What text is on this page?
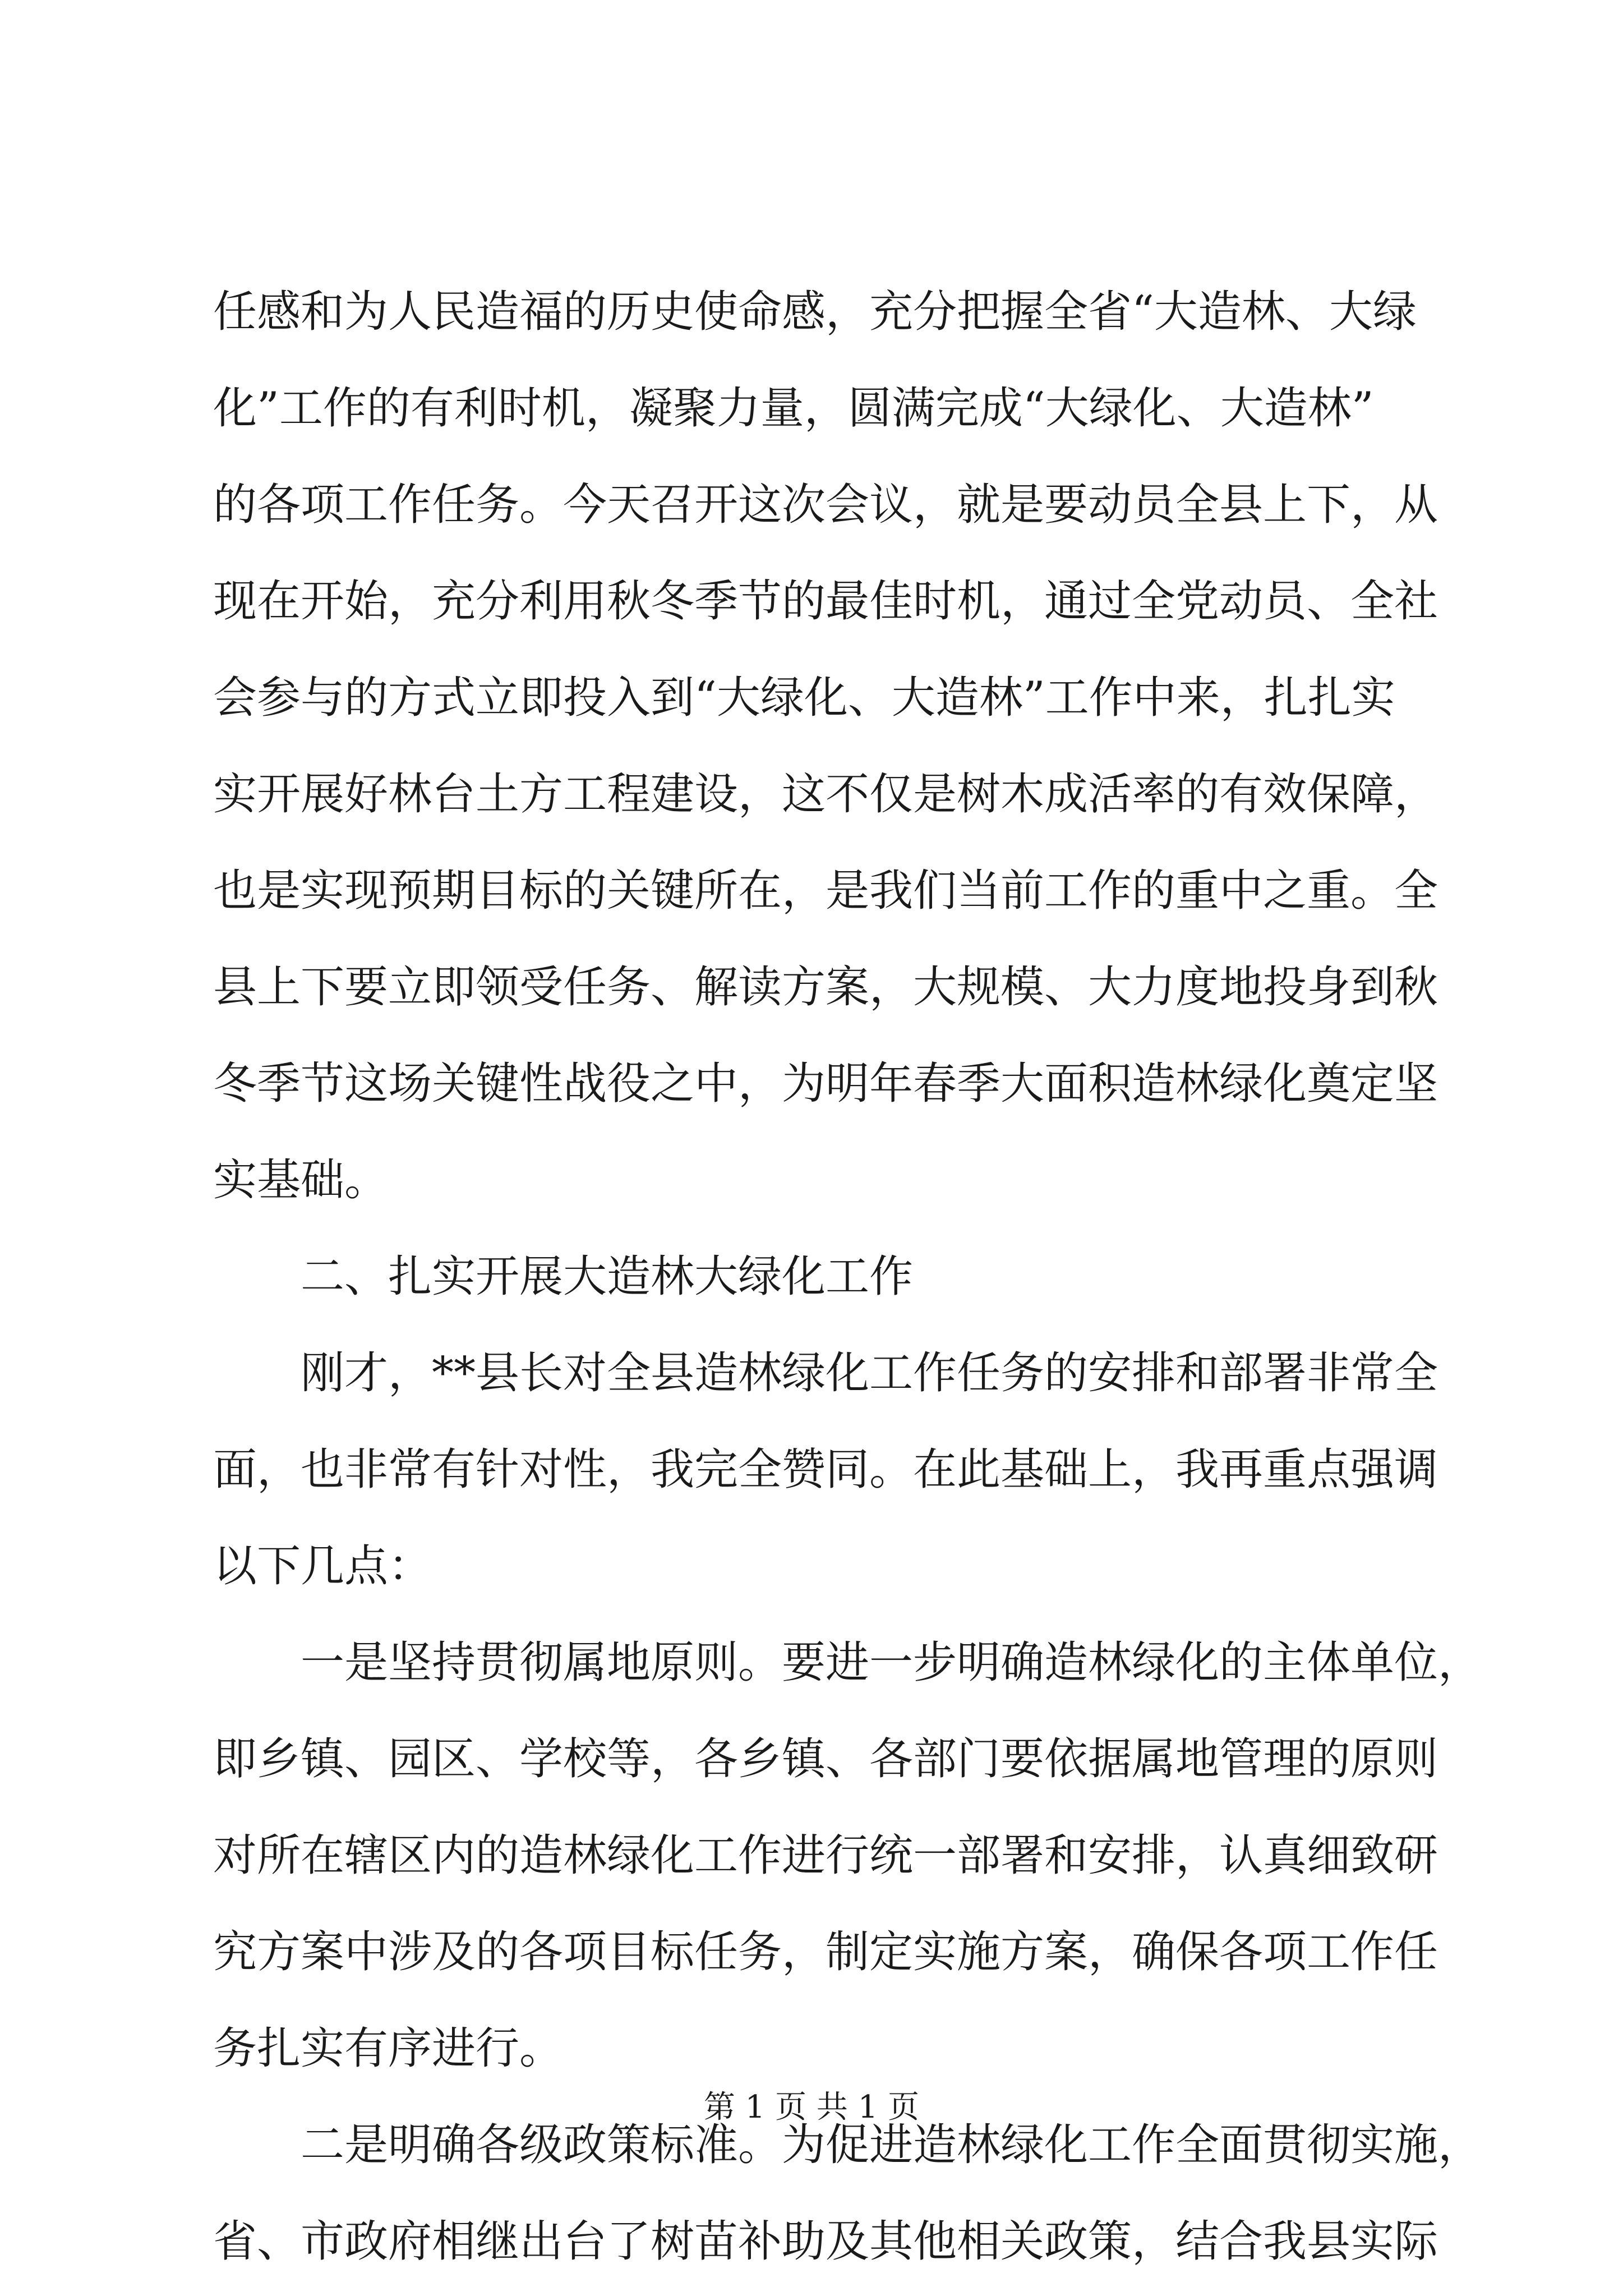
任感和为人民造福的历史使命感，充分把握全省“大造林、大绿
化”工作的有利时机，凝聚力量，圆满完成“大绿化、大造林”
的各项工作任务。今天召开这次会议，就是要动员全县上下，从
现在开始，充分利用秋冬季节的最佳时机，通过全党动员、全社
会参与的方式立即投入到“大绿化、大造林”工作中来，扎扎实
实开展好林台土方工程建设，这不仅是树木成活率的有效保障，
也是实现预期目标的关键所在，是我们当前工作的重中之重。全
县上下要立即领受任务、解读方案，大规模、大力度地投身到秋
冬季节这场关键性战役之中，为明年春季大面积造林绿化奠定坚
实基础。
二、扎实开展大造林大绿化工作
刚才，**县长对全县造林绿化工作任务的安排和部署非常全
面，也非常有针对性，我完全赞同。在此基础上，我再重点强调
以下几点：
一是坚持贯彻属地原则。要进一步明确造林绿化的主体单位，
即乡镇、园区、学校等，各乡镇、各部门要依据属地管理的原则
对所在辖区内的造林绿化工作进行统一部署和安排，认真细致研
究方案中涉及的各项目标任务，制定实施方案，确保各项工作任
务扎实有序进行。
二是明确各级政策标准。为促进造林绿化工作全面贯彻实施，
省、市政府相继出台了树苗补助及其他相关政策，结合我县实际
第 1 页 共 1 页
